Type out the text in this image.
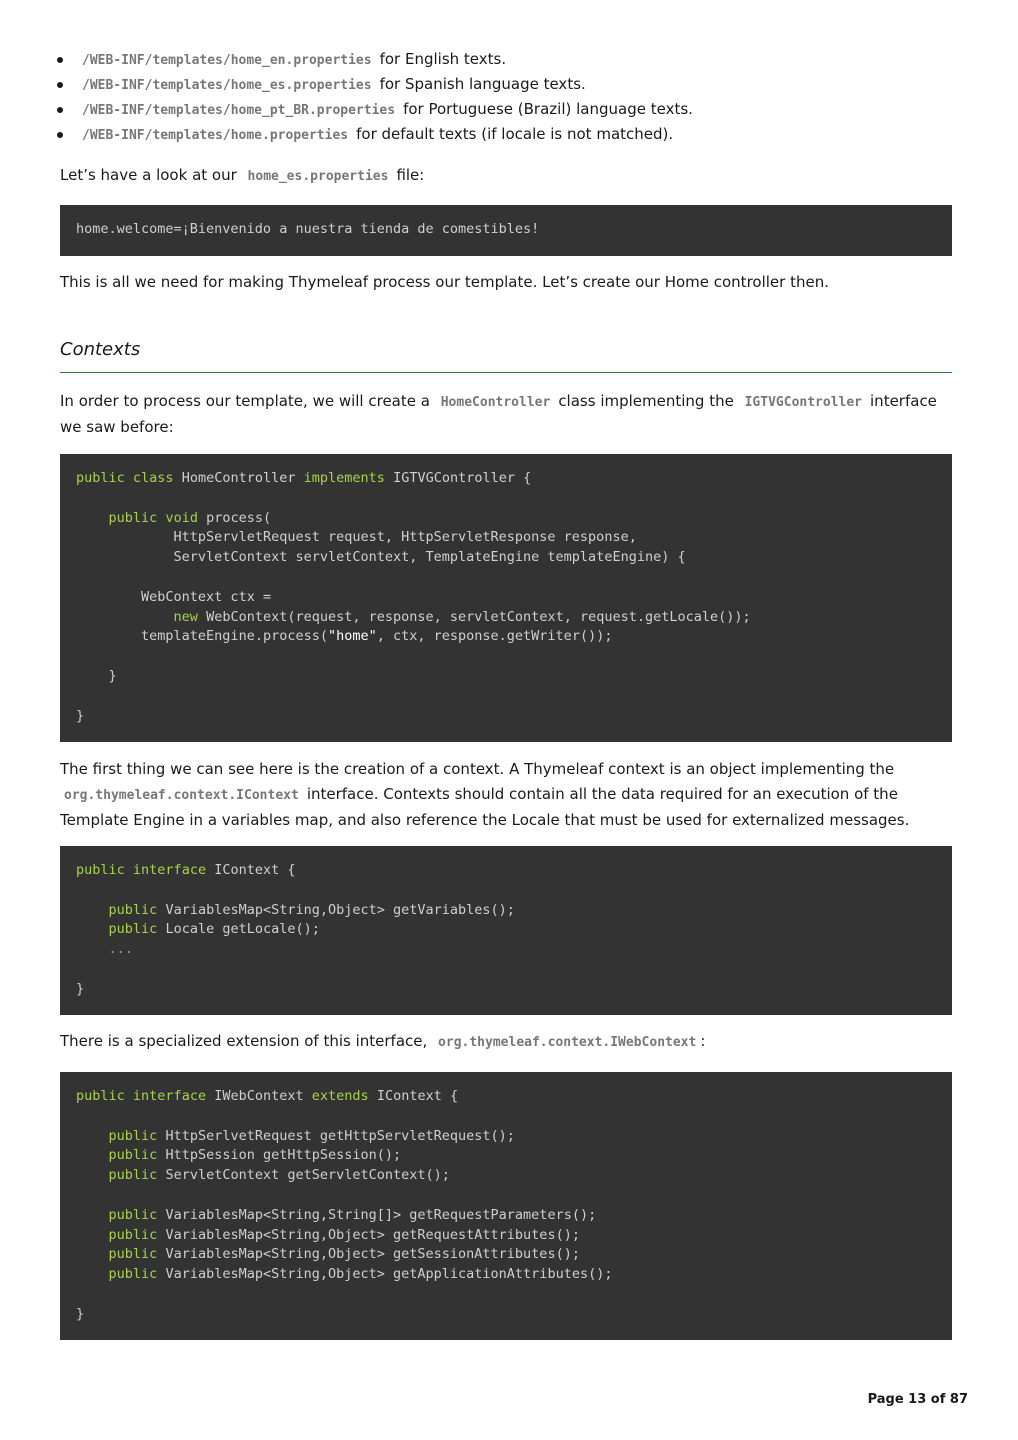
/WEB-INF/templates/home_en.properties for English texts.
/WEB-INF/templates/home_es.properties for Spanish language texts.
/WEB-INF/templates/home_pt_BR.properties for Portuguese (Brazil) language texts.
/WEB-INF/templates/home.properties for default texts (if locale is not matched).

Let’s have a look at our home_es.properties file:

home.welcome=¡Bienvenido a nuestra tienda de comestibles!

This is all we need for making Thymeleaf process our template. Let’s create our Home controller then.

Contexts

In order to process our template, we will create a HomeController class implementing the IGTVGController interface we saw before:

public class HomeController implements IGTVGController {

public void process(
HttpServletRequest request, HttpServletResponse response,
ServletContext servletContext, TemplateEngine templateEngine) {

WebContext ctx =
new WebContext(request, response, servletContext, request.getLocale());
templateEngine.process("home", ctx, response.getWriter());

}

}

The first thing we can see here is the creation of a context. A Thymeleaf context is an object implementing the
org.thymeleaf.context.IContext interface. Contexts should contain all the data required for an execution of the
Template Engine in a variables map, and also reference the Locale that must be used for externalized messages.

public interface IContext {

public VariablesMap<String,Object> getVariables();
public Locale getLocale();
...

}

There is a specialized extension of this interface, org.thymeleaf.context.IWebContext :

public interface IWebContext extends IContext {

public HttpSerlvetRequest getHttpServletRequest();
public HttpSession getHttpSession();
public ServletContext getServletContext();

public VariablesMap<String,String[]> getRequestParameters();
public VariablesMap<String,Object> getRequestAttributes();
public VariablesMap<String,Object> getSessionAttributes();
public VariablesMap<String,Object> getApplicationAttributes();

}
Page 13 of 87
